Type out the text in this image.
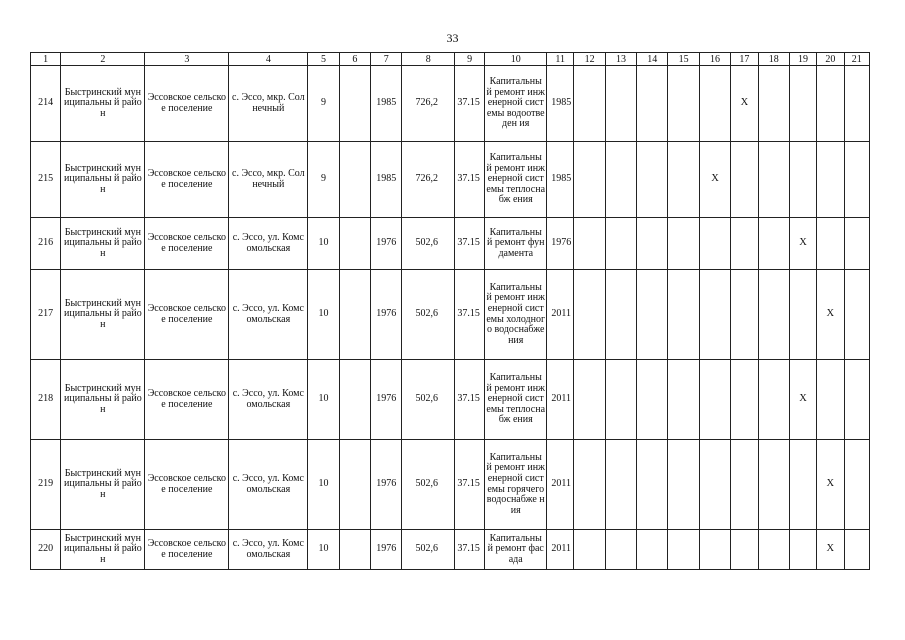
33
1	2	3	4	5	6	7	8	9	10	11	12	13	14	15	16	17	18	19	20	21
214	Быстринский муниципальны й район	Эссовское сельское поселение	с. Эссо, мкр. Солнечный	9		1985	726,2	37.15	Капитальны й ремонт инженерной системы водоотведен ия	1985						X				
215	Быстринский муниципальны й район	Эссовское сельское поселение	с. Эссо, мкр. Солнечный	9		1985	726,2	37.15	Капитальны й ремонт инженерной системы теплоснабж ения	1985					X					
216	Быстринский муниципальны й район	Эссовское сельское поселение	с. Эссо, ул. Комсомольская	10		1976	502,6	37.15	Капитальны й ремонт фундамента	1976								X		
217	Быстринский муниципальны й район	Эссовское сельское поселение	с. Эссо, ул. Комсомольская	10		1976	502,6	37.15	Капитальны й ремонт инженерной системы холодного водоснабже ния	2011									X	
218	Быстринский муниципальны й район	Эссовское сельское поселение	с. Эссо, ул. Комсомольская	10		1976	502,6	37.15	Капитальны й ремонт инженерной системы теплоснабж ения	2011								X		
219	Быстринский муниципальны й район	Эссовское сельское поселение	с. Эссо, ул. Комсомольская	10		1976	502,6	37.15	Капитальны й ремонт инженерной системы горячего водоснабже ния	2011									X	
220	Быстринский муниципальны й район	Эссовское сельское поселение	с. Эссо, ул. Комсомольская	10		1976	502,6	37.15	Капитальны й ремонт фасада	2011									X	
